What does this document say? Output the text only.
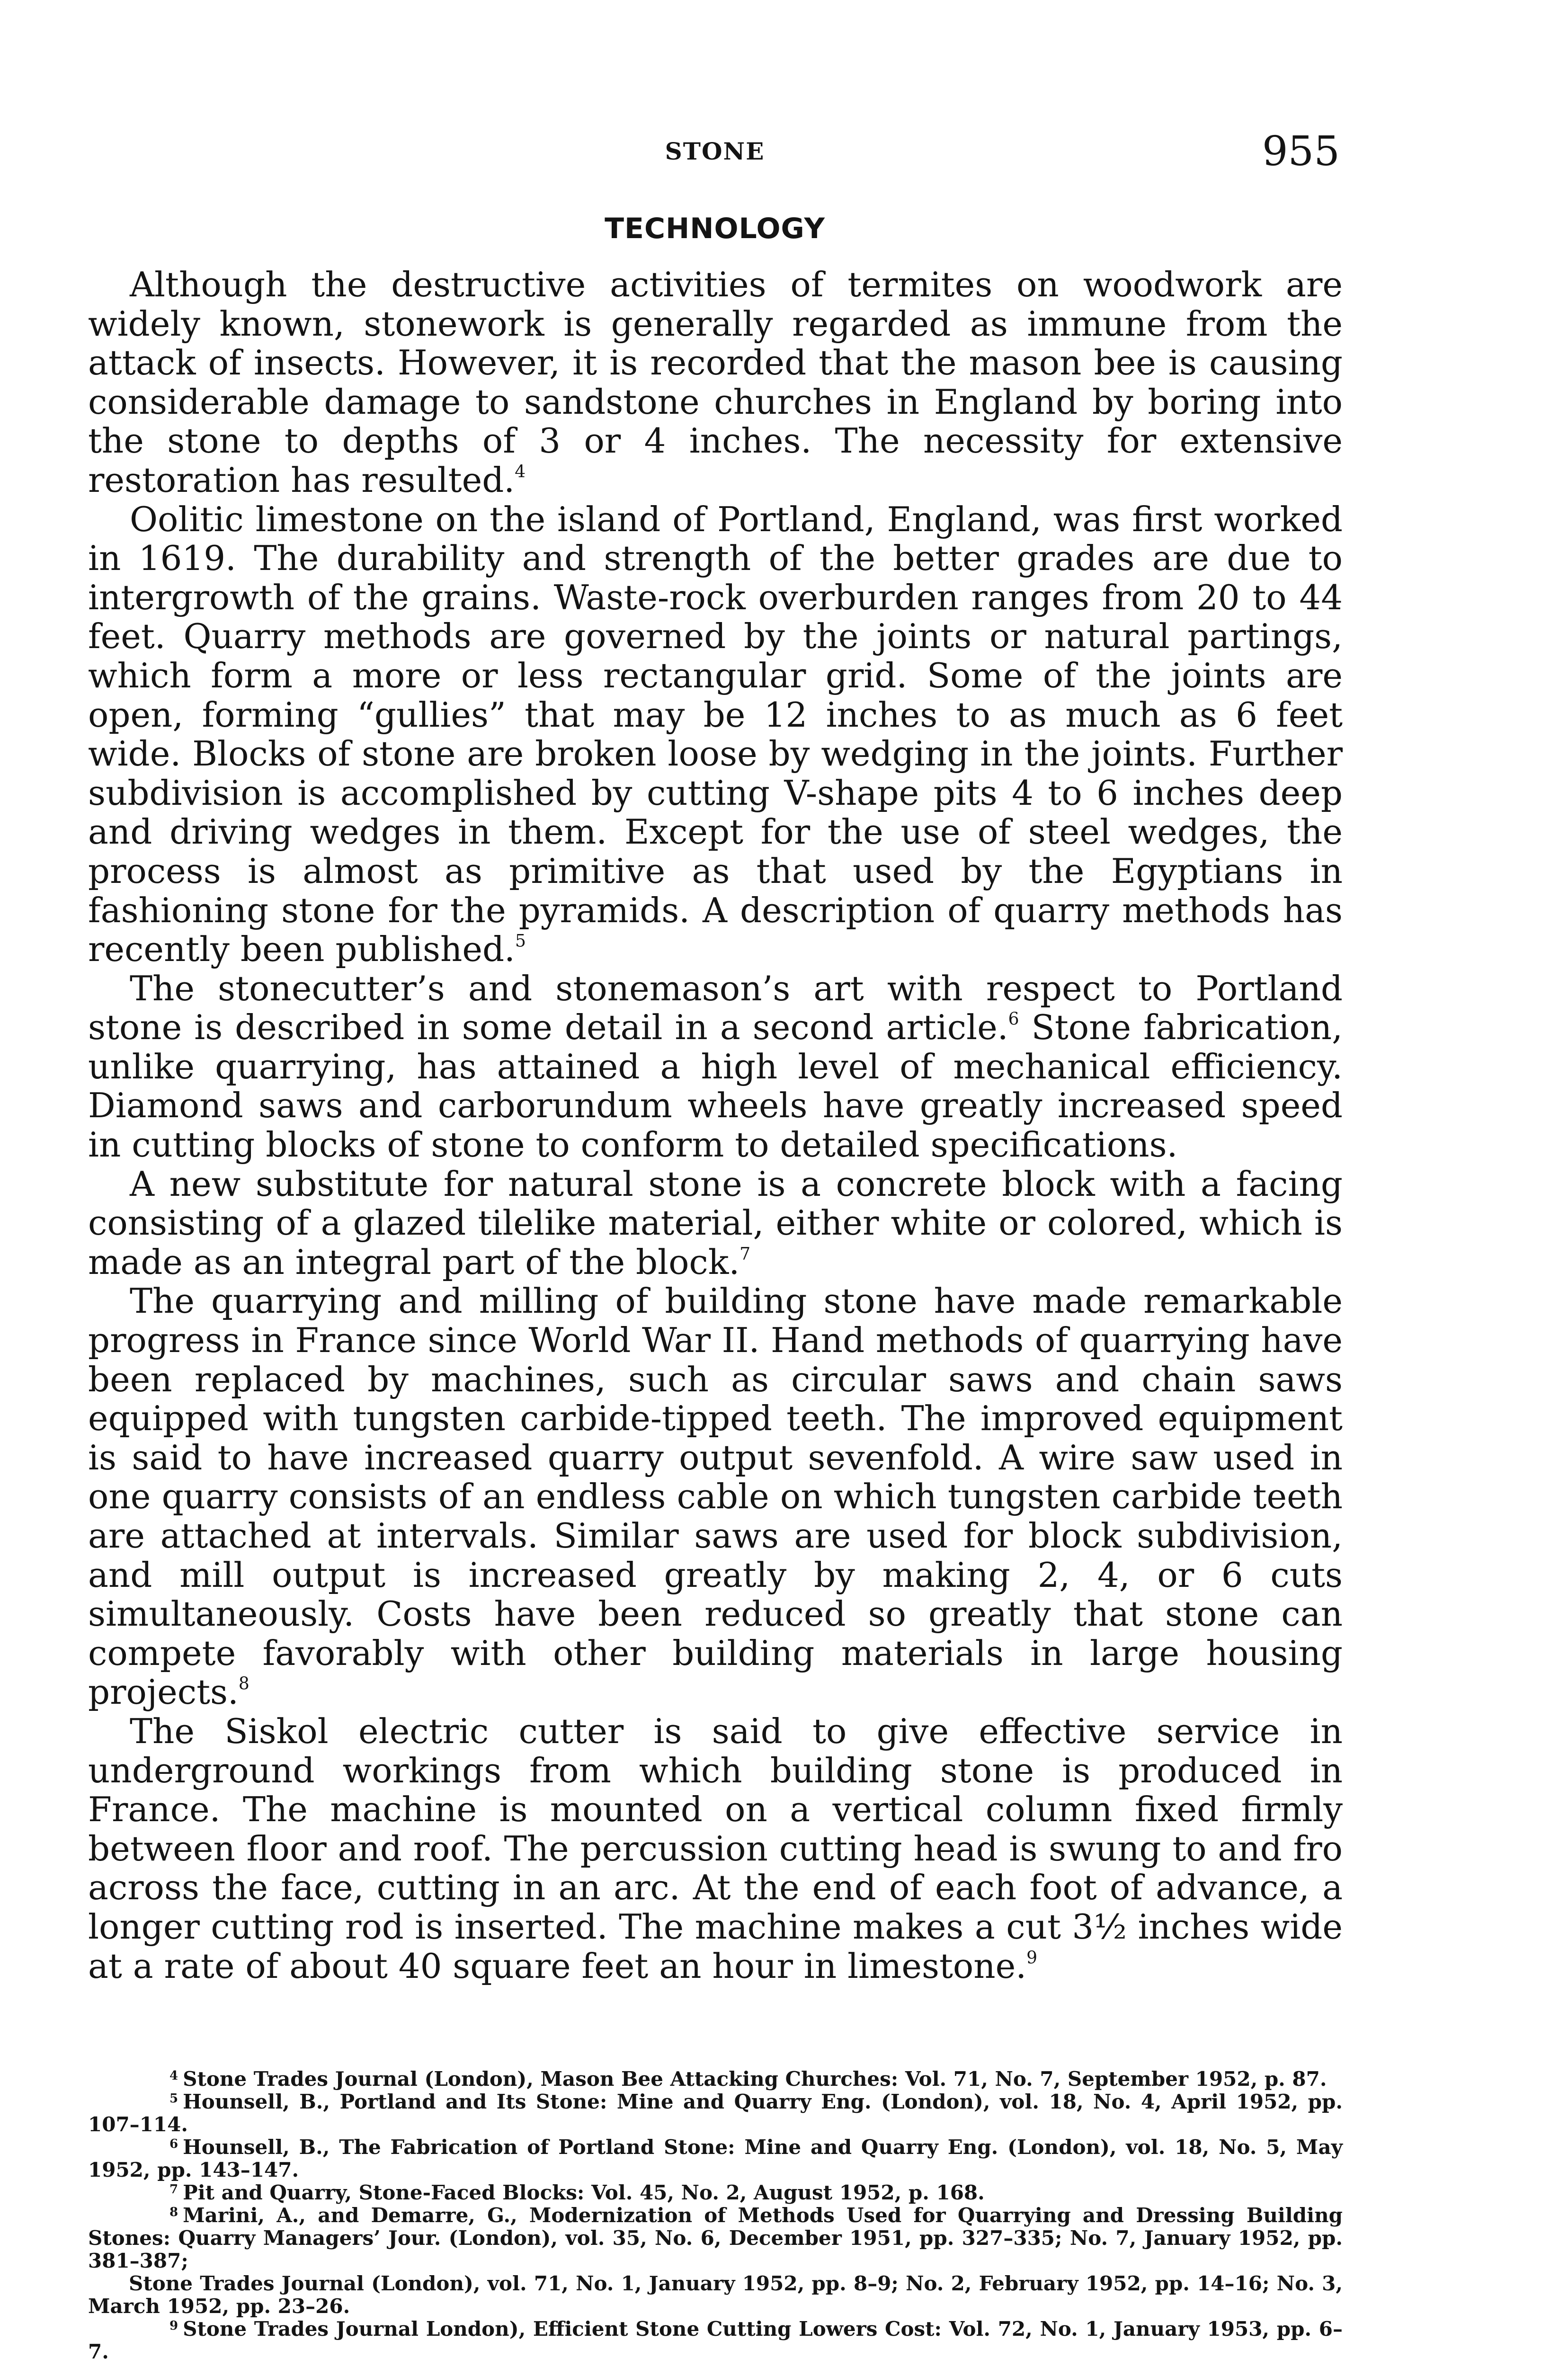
STONE	955
TECHNOLOGY

Although the destructive activities of termites on woodwork are widely known, stonework is generally regarded as immune from the attack of insects. However, it is recorded that the mason bee is causing considerable damage to sandstone churches in England by boring into the stone to depths of 3 or 4 inches. The necessity for extensive restoration has resulted.$^4$

Oolitic limestone on the island of Portland, England, was first worked in 1619. The durability and strength of the better grades are due to intergrowth of the grains. Waste-rock overburden ranges from 20 to 44 feet. Quarry methods are governed by the joints or natural partings, which form a more or less rectangular grid. Some of the joints are open, forming “gullies” that may be 12 inches to as much as 6 feet wide. Blocks of stone are broken loose by wedging in the joints. Further subdivision is accomplished by cutting V-shape pits 4 to 6 inches deep and driving wedges in them. Except for the use of steel wedges, the process is almost as primitive as that used by the Egyptians in fashioning stone for the pyramids. A description of quarry methods has recently been published.$^5$

The stonecutter’s and stonemason’s art with respect to Portland stone is described in some detail in a second article.$^6$ Stone fabrication, unlike quarrying, has attained a high level of mechanical efficiency. Diamond saws and carborundum wheels have greatly increased speed in cutting blocks of stone to conform to detailed specifications.

A new substitute for natural stone is a concrete block with a facing consisting of a glazed tilelike material, either white or colored, which is made as an integral part of the block.$^7$

The quarrying and milling of building stone have made remarkable progress in France since World War II. Hand methods of quarrying have been replaced by machines, such as circular saws and chain saws equipped with tungsten carbide-tipped teeth. The improved equipment is said to have increased quarry output sevenfold. A wire saw used in one quarry consists of an endless cable on which tungsten carbide teeth are attached at intervals. Similar saws are used for block subdivision, and mill output is increased greatly by making 2, 4, or 6 cuts simultaneously. Costs have been reduced so greatly that stone can compete favorably with other building materials in large housing projects.$^8$

The Siskol electric cutter is said to give effective service in underground workings from which building stone is produced in France. The machine is mounted on a vertical column fixed firmly between floor and roof. The percussion cutting head is swung to and fro across the face, cutting in an arc. At the end of each foot of advance, a longer cutting rod is inserted. The machine makes a cut 3½ inches wide at a rate of about 40 square feet an hour in limestone.$^9$

$^4$ Stone Trades Journal (London), Mason Bee Attacking Churches: Vol. 71, No. 7, September 1952, p. 87.

$^5$ Hounsell, B., Portland and Its Stone: Mine and Quarry Eng. (London), vol. 18, No. 4, April 1952, pp. 107–114.

$^6$ Hounsell, B., The Fabrication of Portland Stone: Mine and Quarry Eng. (London), vol. 18, No. 5, May 1952, pp. 143–147.

$^7$ Pit and Quarry, Stone-Faced Blocks: Vol. 45, No. 2, August 1952, p. 168.

$^8$ Marini, A., and Demarre, G., Modernization of Methods Used for Quarrying and Dressing Building Stones: Quarry Managers’ Jour. (London), vol. 35, No. 6, December 1951, pp. 327–335; No. 7, January 1952, pp. 381–387;

Stone Trades Journal (London), vol. 71, No. 1, January 1952, pp. 8–9; No. 2, February 1952, pp. 14–16; No. 3, March 1952, pp. 23–26.

$^9$ Stone Trades Journal London), Efficient Stone Cutting Lowers Cost: Vol. 72, No. 1, January 1953, pp. 6–7.
